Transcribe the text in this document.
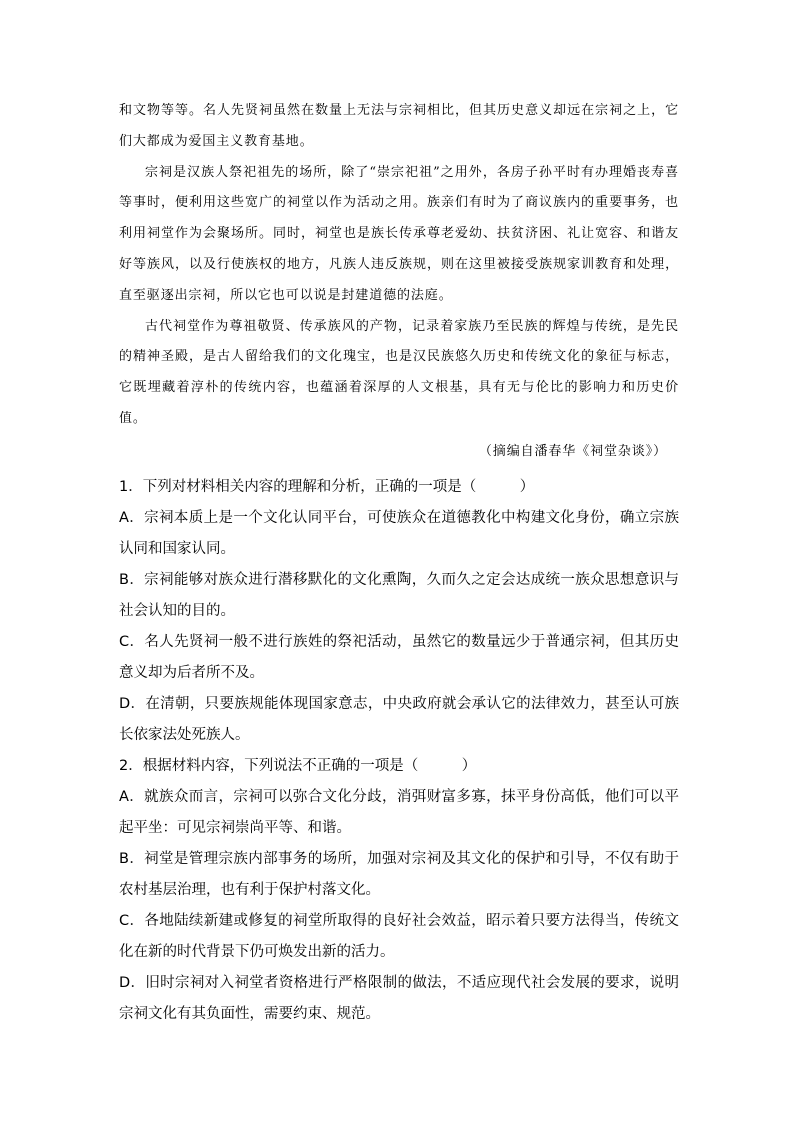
和文物等等。名人先贤祠虽然在数量上无法与宗祠相比，但其历史意义却远在宗祠之上，它们大都成为爱国主义教育基地。

宗祠是汉族人祭祀祖先的场所，除了“崇宗祀祖”之用外，各房子孙平时有办理婚丧寿喜等事时，便利用这些宽广的祠堂以作为活动之用。族亲们有时为了商议族内的重要事务，也利用祠堂作为会聚场所。同时，祠堂也是族长传承尊老爱幼、扶贫济困、礼让宽容、和谐友好等族风，以及行使族权的地方，凡族人违反族规，则在这里被接受族规家训教育和处理，直至驱逐出宗祠，所以它也可以说是封建道德的法庭。

古代祠堂作为尊祖敬贤、传承族风的产物，记录着家族乃至民族的辉煌与传统，是先民的精神圣殿，是古人留给我们的文化瑰宝，也是汉民族悠久历史和传统文化的象征与标志，它既埋藏着淳朴的传统内容，也蕴涵着深厚的人文根基，具有无与伦比的影响力和历史价值。

（摘编自潘春华《祠堂杂谈》）

1．下列对材料相关内容的理解和分析，正确的一项是（　　　）

A．宗祠本质上是一个文化认同平台，可使族众在道德教化中构建文化身份，确立宗族认同和国家认同。

B．宗祠能够对族众进行潜移默化的文化熏陶，久而久之定会达成统一族众思想意识与社会认知的目的。

C．名人先贤祠一般不进行族姓的祭祀活动，虽然它的数量远少于普通宗祠，但其历史意义却为后者所不及。

D．在清朝，只要族规能体现国家意志，中央政府就会承认它的法律效力，甚至认可族长依家法处死族人。

2．根据材料内容，下列说法不正确的一项是（　　　）

A．就族众而言，宗祠可以弥合文化分歧，消弭财富多寡，抹平身份高低，他们可以平起平坐：可见宗祠崇尚平等、和谐。

B．祠堂是管理宗族内部事务的场所，加强对宗祠及其文化的保护和引导，不仅有助于农村基层治理，也有利于保护村落文化。

C．各地陆续新建或修复的祠堂所取得的良好社会效益，昭示着只要方法得当，传统文化在新的时代背景下仍可焕发出新的活力。

D．旧时宗祠对入祠堂者资格进行严格限制的做法，不适应现代社会发展的要求，说明宗祠文化有其负面性，需要约束、规范。
